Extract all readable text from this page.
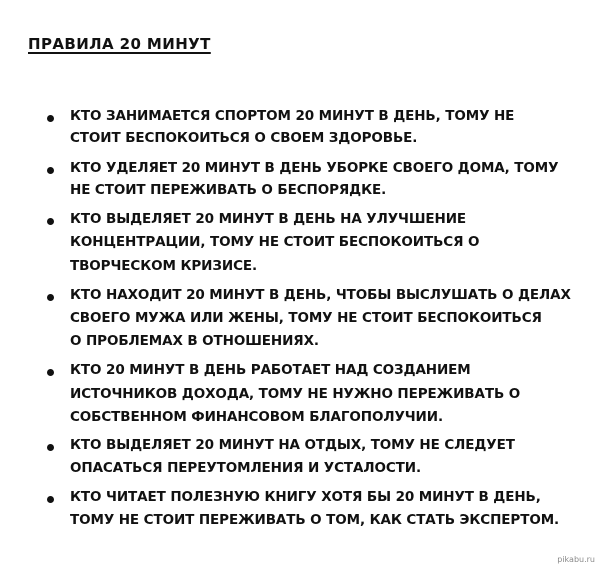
ПРАВИЛА 20 МИНУТ
КТО ЗАНИМАЕТСЯ СПОРТОМ 20 МИНУТ В ДЕНЬ, ТОМУ НЕ
СТОИТ БЕСПОКОИТЬСЯ О СВОЕМ ЗДОРОВЬЕ.
КТО УДЕЛЯЕТ 20 МИНУТ В ДЕНЬ УБОРКЕ СВОЕГО ДОМА, ТОМУ
НЕ СТОИТ ПЕРЕЖИВАТЬ О БЕСПОРЯДКЕ.
КТО ВЫДЕЛЯЕТ 20 МИНУТ В ДЕНЬ НА УЛУЧШЕНИЕ
КОНЦЕНТРАЦИИ, ТОМУ НЕ СТОИТ БЕСПОКОИТЬСЯ О
ТВОРЧЕСКОМ КРИЗИСЕ.
КТО НАХОДИТ 20 МИНУТ В ДЕНЬ, ЧТОБЫ ВЫСЛУШАТЬ О ДЕЛАХ
СВОЕГО МУЖА ИЛИ ЖЕНЫ, ТОМУ НЕ СТОИТ БЕСПОКОИТЬСЯ
О ПРОБЛЕМАХ В ОТНОШЕНИЯХ.
КТО 20 МИНУТ В ДЕНЬ РАБОТАЕТ НАД СОЗДАНИЕМ
ИСТОЧНИКОВ ДОХОДА, ТОМУ НЕ НУЖНО ПЕРЕЖИВАТЬ О
СОБСТВЕННОМ ФИНАНСОВОМ БЛАГОПОЛУЧИИ.
КТО ВЫДЕЛЯЕТ 20 МИНУТ НА ОТДЫХ, ТОМУ НЕ СЛЕДУЕТ
ОПАСАТЬСЯ ПЕРЕУТОМЛЕНИЯ И УСТАЛОСТИ.
КТО ЧИТАЕТ ПОЛЕЗНУЮ КНИГУ ХОТЯ БЫ 20 МИНУТ В ДЕНЬ,
ТОМУ НЕ СТОИТ ПЕРЕЖИВАТЬ О ТОМ, КАК СТАТЬ ЭКСПЕРТОМ.
pikabu.ru
